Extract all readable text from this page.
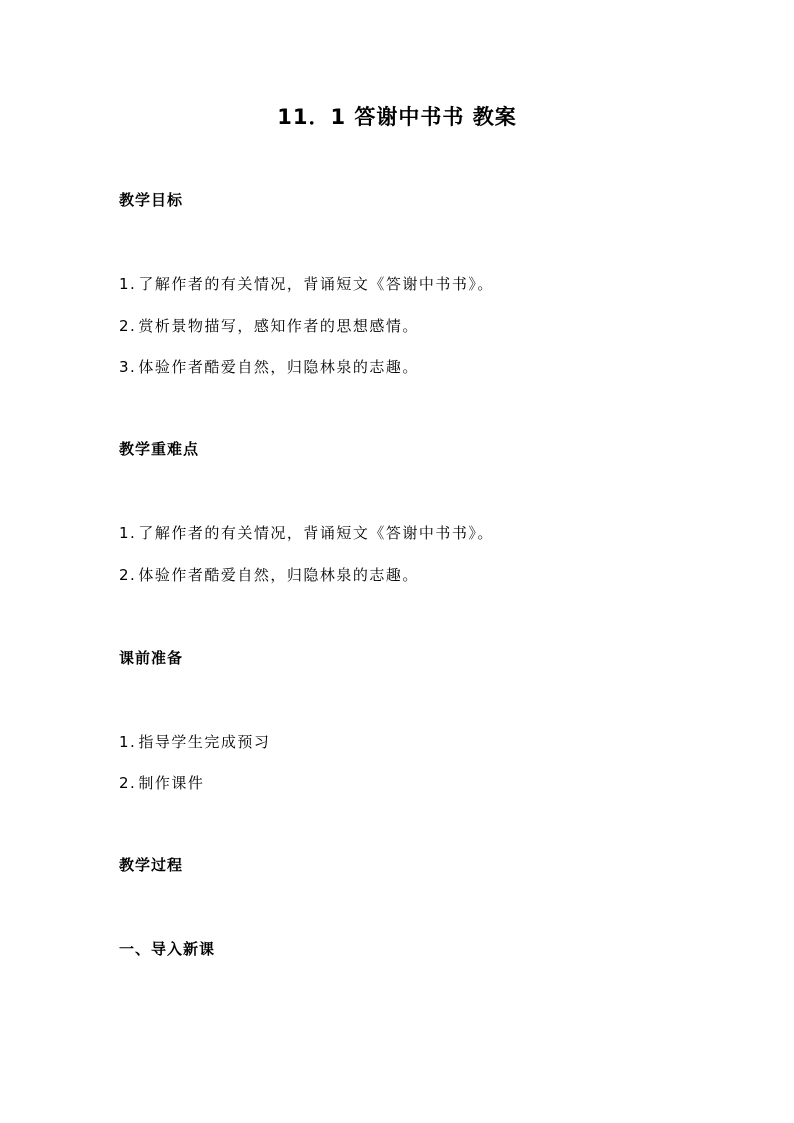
11．1 答谢中书书 教案
教学目标
1. 了解作者的有关情况，背诵短文《答谢中书书》。
2. 赏析景物描写，感知作者的思想感情。
3. 体验作者酷爱自然，归隐林泉的志趣。
教学重难点
1. 了解作者的有关情况，背诵短文《答谢中书书》。
2. 体验作者酷爱自然，归隐林泉的志趣。
课前准备
1. 指导学生完成预习
2. 制作课件
教学过程
一、导入新课
